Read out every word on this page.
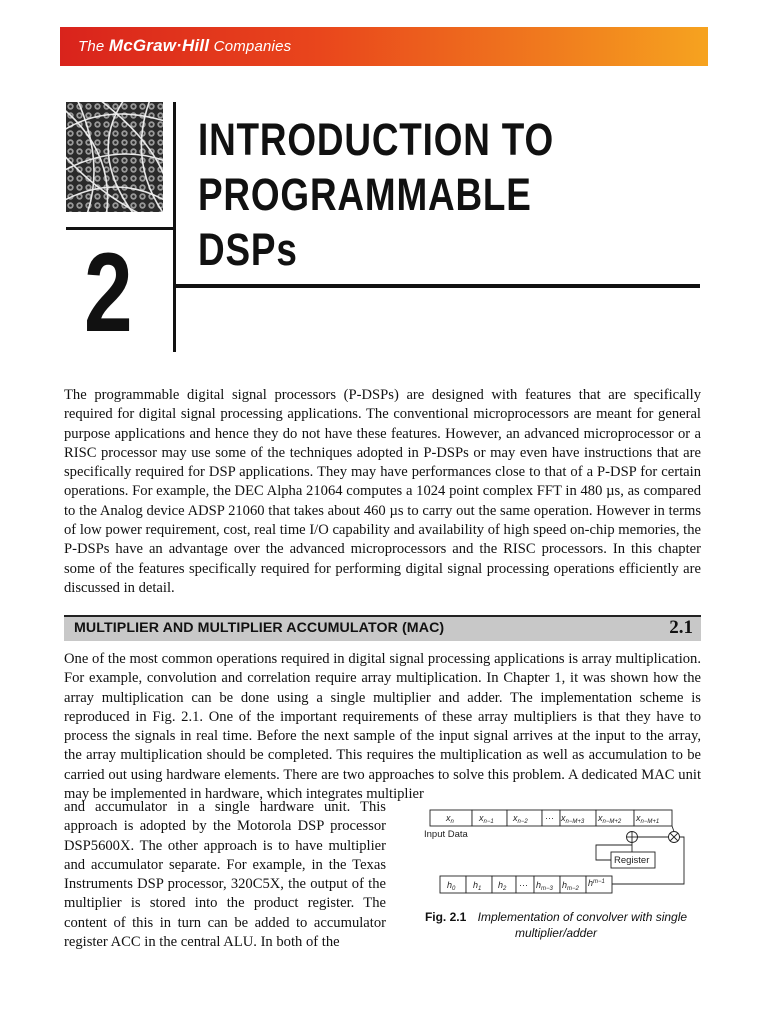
The McGraw·Hill Companies
2
INTRODUCTION TO
PROGRAMMABLE
DSPs

The programmable digital signal processors (P-DSPs) are designed with features that are specifically required for digital signal processing applications. The conventional microprocessors are meant for general purpose applications and hence they do not have these features. However, an advanced microprocessor or a RISC processor may use some of the techniques adopted in P-DSPs or may even have instructions that are specifically required for DSP applications. They may have performances close to that of a P-DSP for certain operations. For example, the DEC Alpha 21064 computes a 1024 point complex FFT in 480 µs, as compared to the Analog device ADSP 21060 that takes about 460 µs to carry out the same operation. However in terms of low power requirement, cost, real time I/O capability and availability of high speed on-chip memories, the P-DSPs have an advantage over the advanced microprocessors and the RISC processors. In this chapter some of the features specifically required for performing digital signal processing operations efficiently are discussed in detail.

MULTIPLIER AND MULTIPLIER ACCUMULATOR (MAC)	2.1

One of the most common operations required in digital signal processing applications is array multiplication. For example, convolution and correlation require array multiplication. In Chapter 1, it was shown how the array multiplication can be done using a single multiplier and adder. The implementation scheme is reproduced in Fig. 2.1. One of the important requirements of these array multipliers is that they have to process the signals in real time. Before the next sample of the input signal arrives at the input to the array, the array multiplication should be completed. This requires the multiplication as well as accumulation to be carried out using hardware elements. There are two approaches to solve this problem. A dedicated MAC unit may be implemented in hardware, which integrates multiplier

and accumulator in a single hardware unit. This approach is adopted by the Motorola DSP processor DSP5600X. The other approach is to have multiplier and accumulator separate. For example, in the Texas Instruments DSP processor, 320C5X, the output of the multiplier is stored into the product register. The content of this in turn can be added to accumulator register ACC in the central ALU. In both of the

Input Data
Register
$x_n$	$x_{n-1}$ $x_{n-2}$ ··· $x_{n-M+3}$ $x_{n-M+2}$ $x_{n-M+1}$
$h_0$ $h_1$ $h_2$ ··· $h_{m-3}$ $h_{m-2}$
$h^{m-1}$
Fig. 2.1 Implementation of convolver with single multiplier/adder
